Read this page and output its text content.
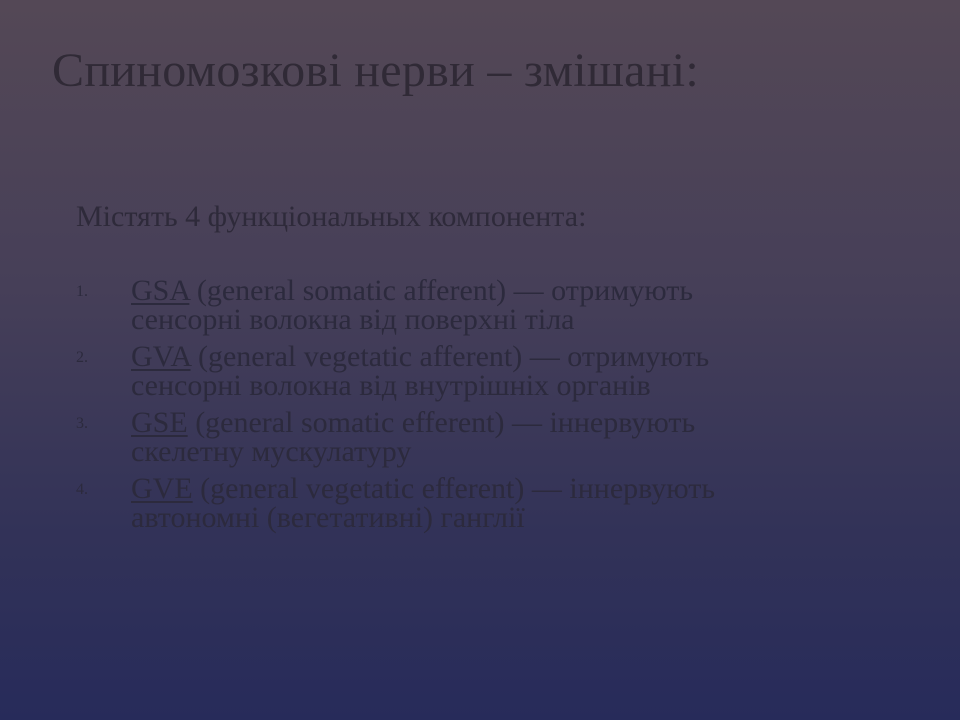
Спиномозкові нерви – змішані:
Містять 4 функціональных компонента:
1. GSA (general somatic afferent) — отримують сенсорні волокна від поверхні тіла
2. GVA (general vegetatic afferent) — отримують сенсорні волокна від внутрішніх органів
3. GSE (general somatic efferent) — іннервують скелетну мускулатуру
4. GVE (general vegetatic efferent) — іннервують автономні (вегетативні) ганглії
